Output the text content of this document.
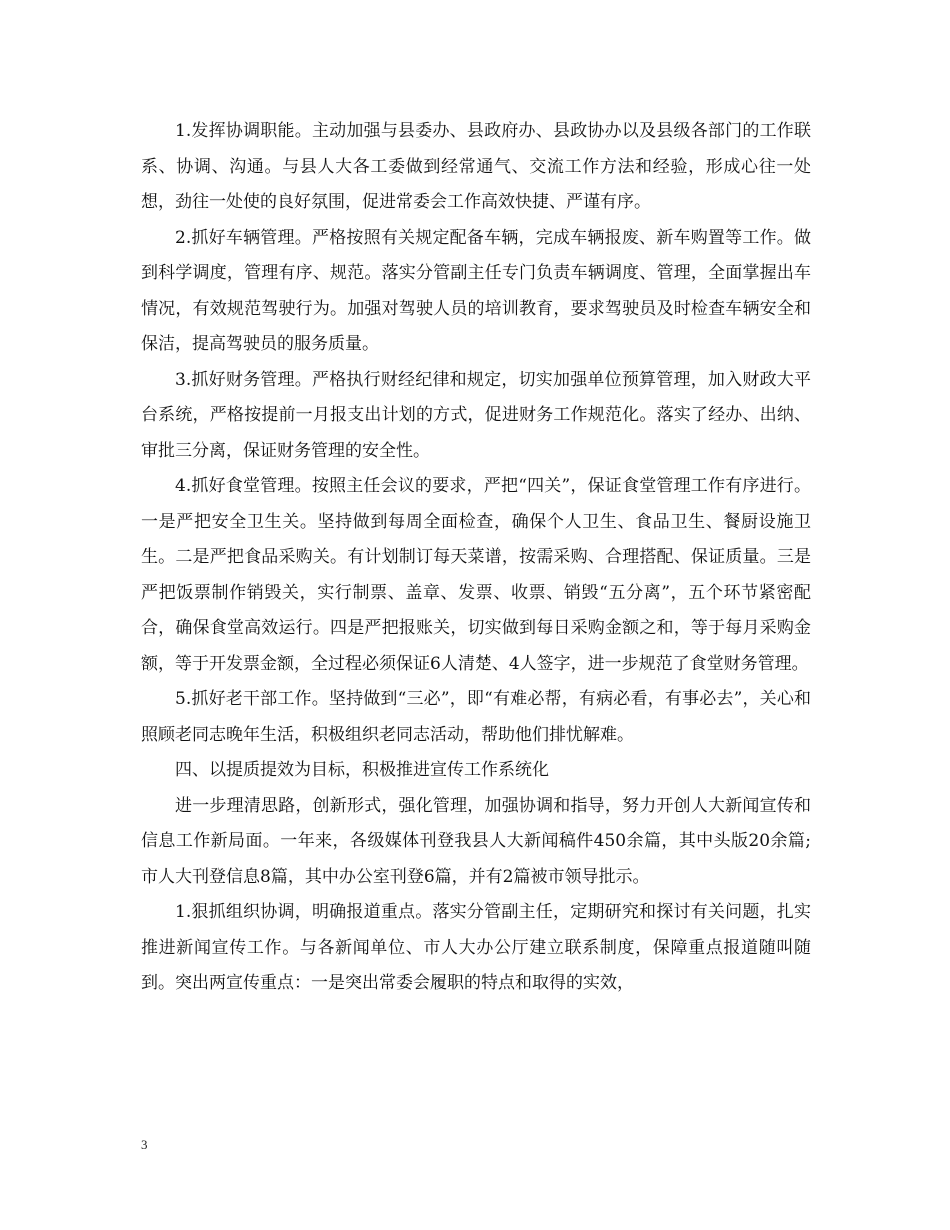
1.发挥协调职能。主动加强与县委办、县政府办、县政协办以及县级各部门的工作联系、协调、沟通。与县人大各工委做到经常通气、交流工作方法和经验，形成心往一处想，劲往一处使的良好氛围，促进常委会工作高效快捷、严谨有序。

2.抓好车辆管理。严格按照有关规定配备车辆，完成车辆报废、新车购置等工作。做到科学调度，管理有序、规范。落实分管副主任专门负责车辆调度、管理，全面掌握出车情况，有效规范驾驶行为。加强对驾驶人员的培训教育，要求驾驶员及时检查车辆安全和保洁，提高驾驶员的服务质量。

3.抓好财务管理。严格执行财经纪律和规定，切实加强单位预算管理，加入财政大平台系统，严格按提前一月报支出计划的方式，促进财务工作规范化。落实了经办、出纳、审批三分离，保证财务管理的安全性。

4.抓好食堂管理。按照主任会议的要求，严把“四关”，保证食堂管理工作有序进行。一是严把安全卫生关。坚持做到每周全面检查，确保个人卫生、食品卫生、餐厨设施卫生。二是严把食品采购关。有计划制订每天菜谱，按需采购、合理搭配、保证质量。三是严把饭票制作销毁关，实行制票、盖章、发票、收票、销毁“五分离”，五个环节紧密配合，确保食堂高效运行。四是严把报账关，切实做到每日采购金额之和，等于每月采购金额，等于开发票金额，全过程必须保证6人清楚、4人签字，进一步规范了食堂财务管理。

5.抓好老干部工作。坚持做到“三必”，即“有难必帮，有病必看，有事必去”，关心和照顾老同志晚年生活，积极组织老同志活动，帮助他们排忧解难。

四、以提质提效为目标，积极推进宣传工作系统化

进一步理清思路，创新形式，强化管理，加强协调和指导，努力开创人大新闻宣传和信息工作新局面。一年来，各级媒体刊登我县人大新闻稿件450余篇，其中头版20余篇;市人大刊登信息8篇，其中办公室刊登6篇，并有2篇被市领导批示。

1.狠抓组织协调，明确报道重点。落实分管副主任，定期研究和探讨有关问题，扎实推进新闻宣传工作。与各新闻单位、市人大办公厅建立联系制度，保障重点报道随叫随到。突出两宣传重点：一是突出常委会履职的特点和取得的实效，

3
